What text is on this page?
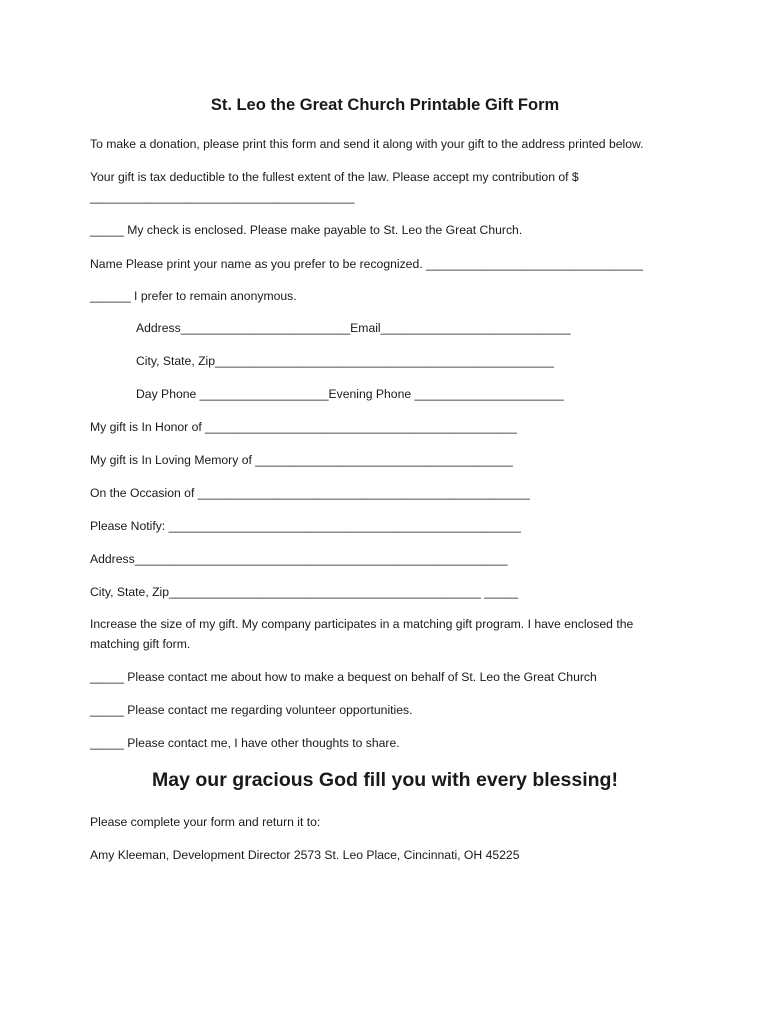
St. Leo the Great Church Printable Gift Form
To make a donation, please print this form and send it along with your gift to the address printed below.
Your gift is tax deductible to the fullest extent of the law. Please accept my contribution of $
_______________________________________
_____ My check is enclosed. Please make payable to St. Leo the Great Church.
Name Please print your name as you prefer to be recognized. ________________________________
______ I prefer to remain anonymous.
Address_________________________Email____________________________
City, State, Zip__________________________________________________
Day Phone ___________________Evening Phone ______________________
My gift is In Honor of ______________________________________________
My gift is In Loving Memory of ______________________________________
On the Occasion of _________________________________________________
Please Notify: ____________________________________________________
Address_______________________________________________________
City, State, Zip______________________________________________ _____
Increase the size of my gift. My company participates in a matching gift program. I have enclosed the matching gift form.
_____ Please contact me about how to make a bequest on behalf of St. Leo the Great Church
_____ Please contact me regarding volunteer opportunities.
_____ Please contact me, I have other thoughts to share.
May our gracious God fill you with every blessing!
Please complete your form and return it to:
Amy Kleeman, Development Director 2573 St. Leo Place, Cincinnati, OH 45225
